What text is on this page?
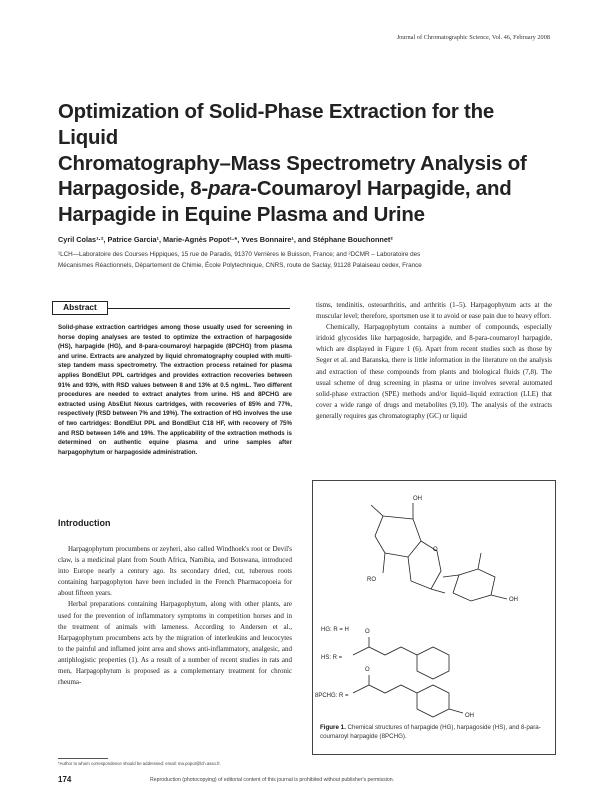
Journal of Chromatographic Science, Vol. 46, February 2008
Optimization of Solid-Phase Extraction for the Liquid
Chromatography–Mass Spectrometry Analysis of
Harpagoside, 8-para-Coumaroyl Harpagide, and
Harpagide in Equine Plasma and Urine
Cyril Colas¹·², Patrice Garcia¹, Marie-Agnès Popot¹·*, Yves Bonnaire¹, and Stéphane Bouchonnet²
¹LCH—Laboratoire des Courses Hippiques, 15 rue de Paradis, 91370 Verrières le Buisson, France; and ²DCMR – Laboratoire des
Mécanismes Réactionnels, Département de Chimie, École Polytechnique, CNRS, route de Saclay, 91128 Palaiseau cedex, France
Abstract
Solid-phase extraction cartridges among those usually used for screening in horse doping analyses are tested to optimize the extraction of harpagoside (HS), harpagide (HG), and 8-para-coumaroyl harpagide (8PCHG) from plasma and urine. Extracts are analyzed by liquid chromatography coupled with multi-step tandem mass spectrometry. The extraction process retained for plasma applies BondElut PPL cartridges and provides extraction recoveries between 91% and 93%, with RSD values between 8 and 13% at 0.5 ng/mL. Two different procedures are needed to extract analytes from urine. HS and 8PCHG are extracted using AbsElut Nexus cartridges, with recoveries of 85% and 77%, respectively (RSD between 7% and 19%). The extraction of HG involves the use of two cartridges: BondElut PPL and BondElut C18 HF, with recovery of 75% and RSD between 14% and 19%. The applicability of the extraction methods is determined on authentic equine plasma and urine samples after harpagophytum or harpagoside administration.
Introduction

Harpagophytum procumbens or zeyheri, also called Windhoek's root or Devil's claw, is a medicinal plant from South Africa, Namibia, and Botswana, introduced into Europe nearly a century ago. Its secondary dried, cut, tuberous roots containing harpagophyton have been included in the French Pharmacopoeia for about fifteen years.

Herbal preparations containing Harpagophytum, along with other plants, are used for the prevention of inflammatory symptoms in competition horses and in the treatment of animals with lameness. According to Andersen et al., Harpagophytum procumbens acts by the migration of interleukins and leucocytes to the painful and inflamed joint area and shows anti-inflammatory, analgesic, and antiphlogistic properties (1). As a result of a number of recent studies in rats and men, Harpagophytum is proposed as a complementary treatment for chronic rheuma-

tisms, tendinitis, osteoarthritis, and arthritis (1–5). Harpagophytum acts at the muscular level; therefore, sportsmen use it to avoid or ease pain due to heavy effort.

Chemically, Harpagophytum contains a number of compounds, especially iridoid glycosides like harpagoside, harpagide, and 8-para-coumaroyl harpagide, which are displayed in Figure 1 (6). Apart from recent studies such as those by Seger et al. and Baranska, there is little information in the literature on the analysis and extraction of these compounds from plants and biological fluids (7,8). The usual scheme of drug screening in plasma or urine involves several automated solid-phase extraction (SPE) methods and/or liquid–liquid extraction (LLE) that cover a wide range of drugs and metabolites (9,10). The analysis of the extracts generally requires gas chromatography (GC) or liquid

OH
O
RO
OH
HG: R = H
HS: R =
O
8PCHG: R =
O
OH
Figure 1. Chemical structures of harpagide (HG), harpagoside (HS), and 8-para-coumaroyl harpagide (8PCHG).
*Author to whom correspondence should be addressed: email: ma.popot@lch.asso.fr.
174	Reproduction (photocopying) of editorial content of this journal is prohibited without publisher's permission.
